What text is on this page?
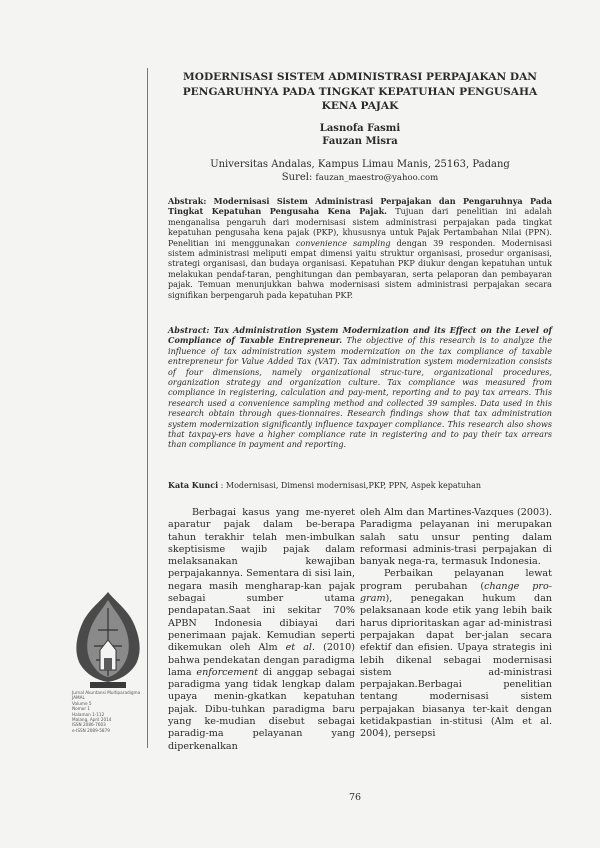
MODERNISASI SISTEM ADMINISTRASI PERPAJAKAN DAN
PENGARUHNYA PADA TINGKAT KEPATUHAN PENGUSAHA
KENA PAJAK
Lasnofa Fasmi
Fauzan Misra
Universitas Andalas, Kampus Limau Manis, 25163, Padang
Surel: fauzan_maestro@yahoo.com
Abstrak: Modernisasi Sistem Administrasi Perpajakan dan Pengaruhnya Pada Tingkat Kepatuhan Pengusaha Kena Pajak. Tujuan dari penelitian ini adalah menganalisa pengaruh dari modernisasi sistem administrasi perpajakan pada tingkat kepatuhan pengusaha kena pajak (PKP), khususnya untuk Pajak Pertambahan Nilai (PPN). Penelitian ini menggunakan convenience sampling dengan 39 responden. Modernisasi sistem administrasi meliputi empat dimensi yaitu struktur organisasi, prosedur organisasi, strategi organisasi, dan budaya organisasi. Kepatuhan PKP diukur dengan kepatuhan untuk melakukan pendaf-taran, penghitungan dan pembayaran, serta pelaporan dan pembayaran pajak. Temuan menunjukkan bahwa modernisasi sistem administrasi perpajakan secara signifikan berpengaruh pada kepatuhan PKP.
Abstract: Tax Administration System Modernization and its Effect on the Level of Compliance of Taxable Entrepreneur. The objective of this research is to analyze the influence of tax administration system modernization on the tax compliance of taxable entrepreneur for Value Added Tax (VAT). Tax administration system modernization consists of four dimensions, namely organizational struc-ture, organizational procedures, organization strategy and organization culture. Tax compliance was measured from compliance in registering, calculation and pay-ment, reporting and to pay tax arrears. This research used a convenience sampling method and collected 39 samples. Data used in this research obtain through ques-tionnaires. Research findings show that tax administration system modernization significantly influence taxpayer compliance. This research also shows that taxpay-ers have a higher compliance rate in registering and to pay their tax arrears than compliance in payment and reporting.
Kata Kunci : Modernisasi, Dimensi modernisasi,PKP, PPN, Aspek kepatuhan

Berbagai kasus yang me-nyeret aparatur pajak dalam be-berapa tahun terakhir telah men-imbulkan skeptisisme wajib pajak dalam melaksanakan kewajiban perpajakannya. Sementara di sisi lain, negara masih mengharap-kan pajak sebagai sumber utama pendapatan.Saat ini sekitar 70% APBN Indonesia dibiayai dari penerimaan pajak. Kemudian seperti dikemukan oleh Alm et al. (2010) bahwa pendekatan dengan paradigma lama enforcement di anggap sebagai paradigma yang tidak lengkap dalam upaya menin-gkatkan kepatuhan pajak. Dibu-tuhkan paradigma baru yang ke-mudian disebut sebagai paradig-ma pelayanan yang diperkenalkan

oleh Alm dan Martines-Vazques (2003). Paradigma pelayanan ini merupakan salah satu unsur penting dalam reformasi adminis-trasi perpajakan di banyak nega-ra, termasuk Indonesia.

Perbaikan pelayanan lewat program perubahan (change pro-gram), penegakan hukum dan pelaksanaan kode etik yang lebih baik harus diprioritaskan agar ad-ministrasi perpajakan dapat ber-jalan secara efektif dan efisien. Upaya strategis ini lebih dikenal sebagai modernisasi sistem ad-ministrasi perpajakan.Berbagai penelitian tentang modernisasi sistem perpajakan biasanya ter-kait dengan ketidakpastian in-stitusi (Alm et al. 2004), persepsi

Jurnal Akuntansi Multiparadigma
JAMAL
Volume 5
Nomor 1
Halaman 1-112
Malang, April 2014
ISSN 2086-7603
e-ISSN 2089-5879
76
